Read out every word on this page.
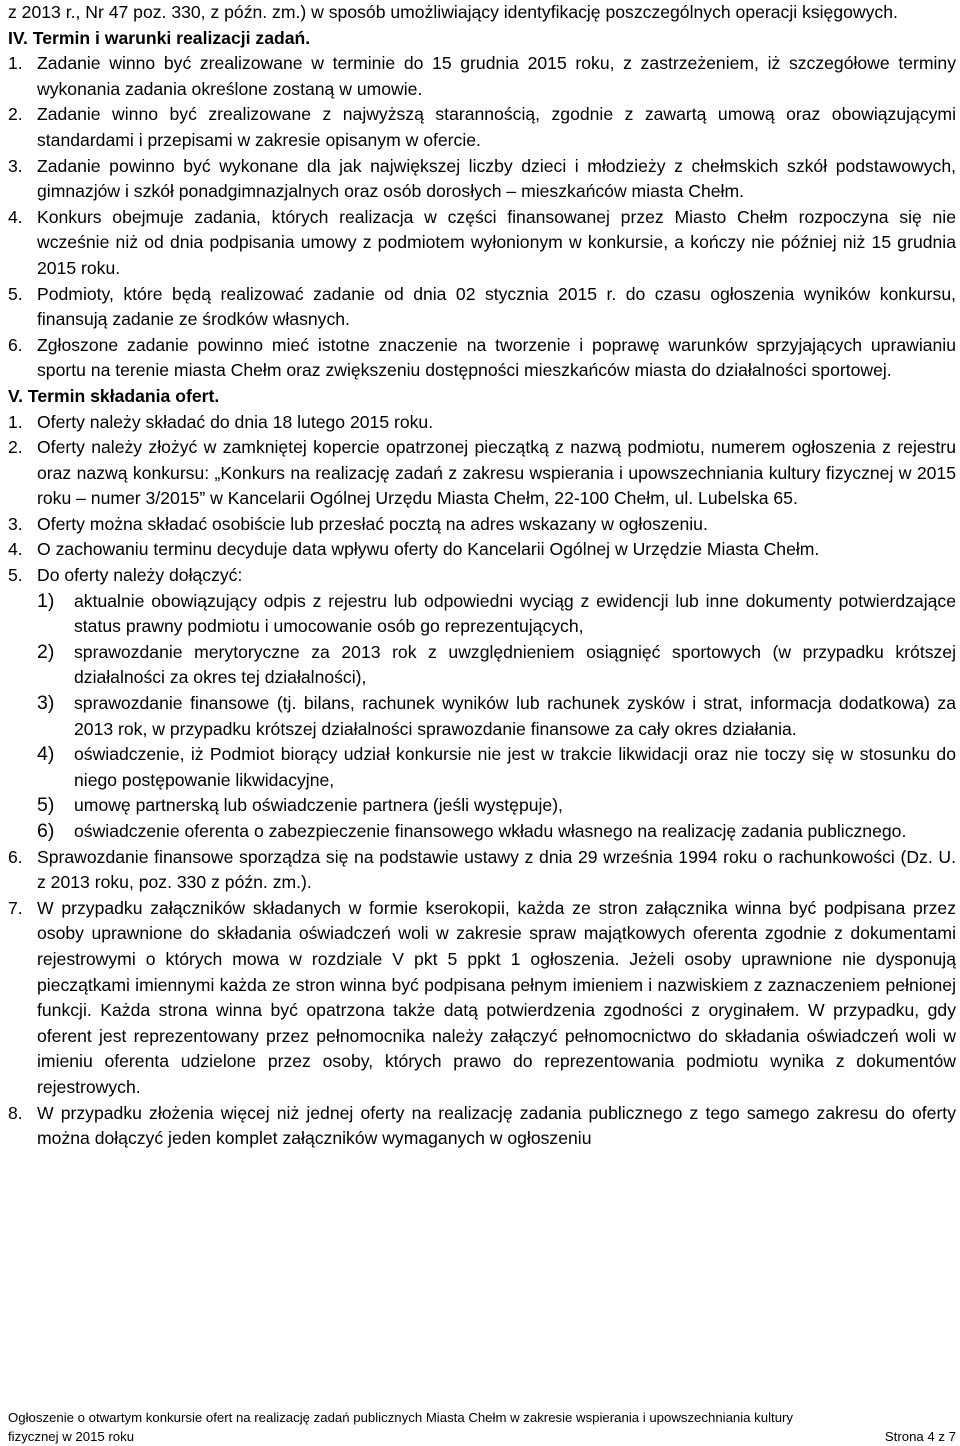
z 2013 r., Nr 47 poz. 330, z późn. zm.) w sposób umożliwiający identyfikację poszczególnych operacji księgowych.

IV. Termin i warunki realizacji zadań.

1. Zadanie winno być zrealizowane w terminie do 15 grudnia 2015 roku, z zastrzeżeniem, iż szczegółowe terminy wykonania zadania określone zostaną w umowie.
2. Zadanie winno być zrealizowane z najwyższą starannością, zgodnie z zawartą umową oraz obowiązującymi standardami i przepisami w zakresie opisanym w ofercie.
3. Zadanie powinno być wykonane dla jak największej liczby dzieci i młodzieży z chełmskich szkół podstawowych, gimnazjów i szkół ponadgimnazjalnych oraz osób dorosłych – mieszkańców miasta Chełm.
4. Konkurs obejmuje zadania, których realizacja w części finansowanej przez Miasto Chełm rozpoczyna się nie wcześnie niż od dnia podpisania umowy z podmiotem wyłonionym w konkursie, a kończy nie później niż 15 grudnia 2015 roku.
5. Podmioty, które będą realizować zadanie od dnia 02 stycznia 2015 r. do czasu ogłoszenia wyników konkursu, finansują zadanie ze środków własnych.
6. Zgłoszone zadanie powinno mieć istotne znaczenie na tworzenie i poprawę warunków sprzyjających uprawianiu sportu na terenie miasta Chełm oraz zwiększeniu dostępności mieszkańców miasta do działalności sportowej.

V. Termin składania ofert.

1. Oferty należy składać do dnia 18 lutego 2015 roku.
2. Oferty należy złożyć w zamkniętej kopercie opatrzonej pieczątką z nazwą podmiotu, numerem ogłoszenia z rejestru oraz nazwą konkursu: „Konkurs na realizację zadań z zakresu wspierania i upowszechniania kultury fizycznej w 2015 roku – numer 3/2015” w Kancelarii Ogólnej Urzędu Miasta Chełm, 22-100 Chełm, ul. Lubelska 65.
3. Oferty można składać osobiście lub przesłać pocztą na adres wskazany w ogłoszeniu.
4. O zachowaniu terminu decyduje data wpływu oferty do Kancelarii Ogólnej w Urzędzie Miasta Chełm.
5. Do oferty należy dołączyć:
1)	aktualnie obowiązujący odpis z rejestru lub odpowiedni wyciąg z ewidencji lub inne dokumenty potwierdzające status prawny podmiotu i umocowanie osób go reprezentujących,
2)	sprawozdanie merytoryczne za 2013 rok z uwzględnieniem osiągnięć sportowych (w przypadku krótszej działalności za okres tej działalności),
3)	sprawozdanie finansowe (tj. bilans, rachunek wyników lub rachunek zysków i strat, informacja dodatkowa) za 2013 rok, w przypadku krótszej działalności sprawozdanie finansowe za cały okres działania.
4)	oświadczenie, iż Podmiot biorący udział konkursie nie jest w trakcie likwidacji oraz nie toczy się w stosunku do niego postępowanie likwidacyjne,
5)	umowę partnerską lub oświadczenie partnera (jeśli występuje),
6)	oświadczenie oferenta o zabezpieczenie finansowego wkładu własnego na realizację zadania publicznego.
6. Sprawozdanie finansowe sporządza się na podstawie ustawy z dnia 29 września 1994 roku o rachunkowości (Dz. U. z 2013 roku, poz. 330 z późn. zm.).
7. W przypadku załączników składanych w formie kserokopii, każda ze stron załącznika winna być podpisana przez osoby uprawnione do składania oświadczeń woli w zakresie spraw majątkowych oferenta zgodnie z dokumentami rejestrowymi o których mowa w rozdziale V pkt 5 ppkt 1 ogłoszenia. Jeżeli osoby uprawnione nie dysponują pieczątkami imiennymi każda ze stron winna być podpisana pełnym imieniem i nazwiskiem z zaznaczeniem pełnionej funkcji. Każda strona winna być opatrzona także datą potwierdzenia zgodności z oryginałem. W przypadku, gdy oferent jest reprezentowany przez pełnomocnika należy załączyć pełnomocnictwo do składania oświadczeń woli w imieniu oferenta udzielone przez osoby, których prawo do reprezentowania podmiotu wynika z dokumentów rejestrowych.
8. W przypadku złożenia więcej niż jednej oferty na realizację zadania publicznego z tego samego zakresu do oferty można dołączyć jeden komplet załączników wymaganych w ogłoszeniu
Ogłoszenie o otwartym konkursie ofert na realizację zadań publicznych Miasta Chełm w zakresie wspierania i upowszechniania kultury
fizycznej w 2015 roku	Strona 4 z 7
